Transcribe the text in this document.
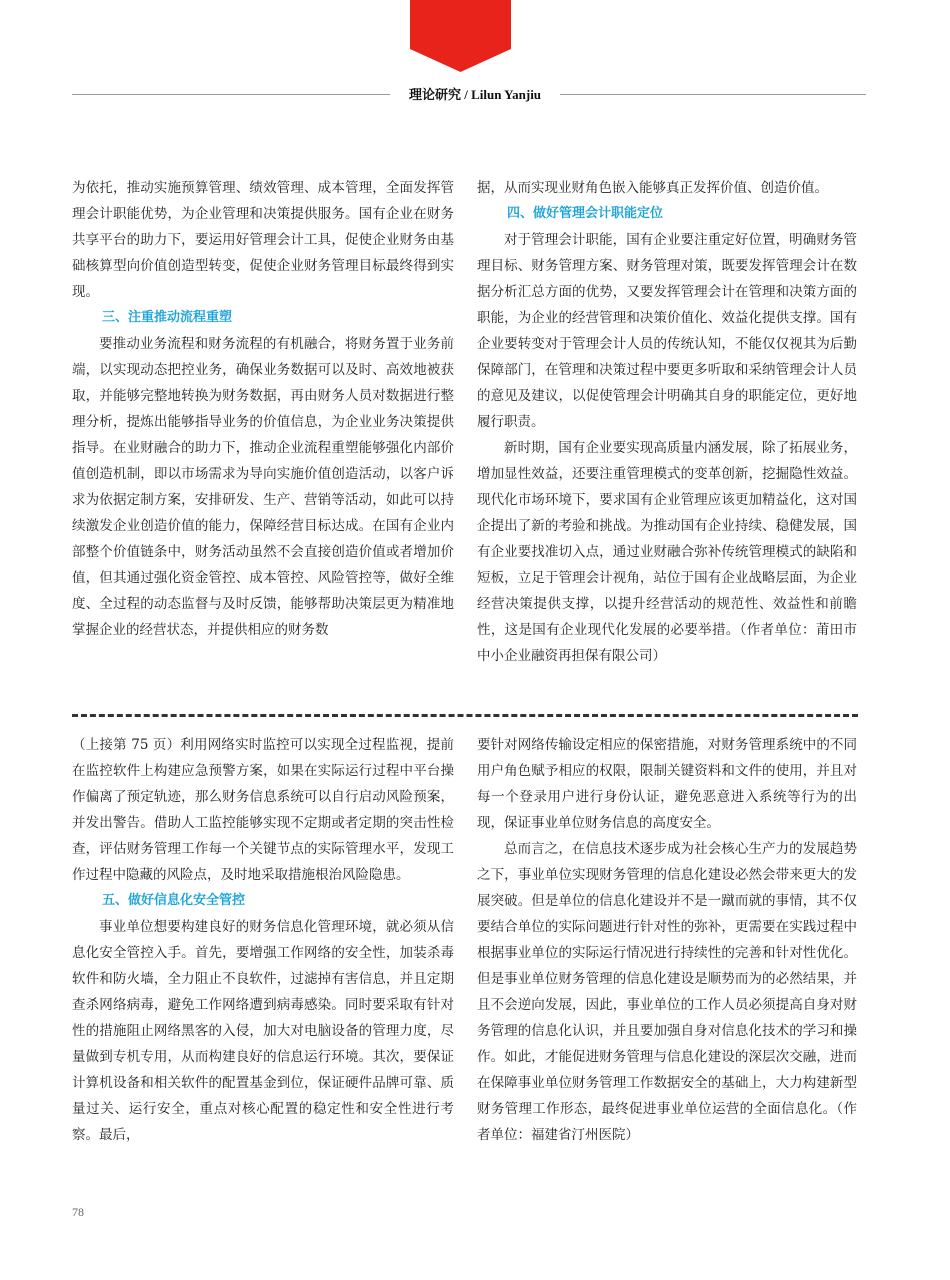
理论研究 / Lilun Yanjiu

为依托，推动实施预算管理、绩效管理、成本管理，全面发挥管理会计职能优势，为企业管理和决策提供服务。国有企业在财务共享平台的助力下，要运用好管理会计工具，促使企业财务由基础核算型向价值创造型转变，促使企业财务管理目标最终得到实现。

三、注重推动流程重塑

要推动业务流程和财务流程的有机融合，将财务置于业务前端，以实现动态把控业务，确保业务数据可以及时、高效地被获取，并能够完整地转换为财务数据，再由财务人员对数据进行整理分析，提炼出能够指导业务的价值信息，为企业业务决策提供指导。在业财融合的助力下，推动企业流程重塑能够强化内部价值创造机制，即以市场需求为导向实施价值创造活动，以客户诉求为依据定制方案，安排研发、生产、营销等活动，如此可以持续激发企业创造价值的能力，保障经营目标达成。在国有企业内部整个价值链条中，财务活动虽然不会直接创造价值或者增加价值，但其通过强化资金管控、成本管控、风险管控等，做好全维度、全过程的动态监督与及时反馈，能够帮助决策层更为精准地掌握企业的经营状态，并提供相应的财务数

据，从而实现业财角色嵌入能够真正发挥价值、创造价值。

四、做好管理会计职能定位

对于管理会计职能，国有企业要注重定好位置，明确财务管理目标、财务管理方案、财务管理对策，既要发挥管理会计在数据分析汇总方面的优势，又要发挥管理会计在管理和决策方面的职能，为企业的经营管理和决策价值化、效益化提供支撑。国有企业要转变对于管理会计人员的传统认知，不能仅仅视其为后勤保障部门，在管理和决策过程中要更多听取和采纳管理会计人员的意见及建议，以促使管理会计明确其自身的职能定位，更好地履行职责。

新时期，国有企业要实现高质量内涵发展，除了拓展业务，增加显性效益，还要注重管理模式的变革创新，挖掘隐性效益。现代化市场环境下，要求国有企业管理应该更加精益化，这对国企提出了新的考验和挑战。为推动国有企业持续、稳健发展，国有企业要找准切入点，通过业财融合弥补传统管理模式的缺陷和短板，立足于管理会计视角，站位于国有企业战略层面，为企业经营决策提供支撑，以提升经营活动的规范性、效益性和前瞻性，这是国有企业现代化发展的必要举措。（作者单位：莆田市中小企业融资再担保有限公司）

（上接第 75 页）利用网络实时监控可以实现全过程监视，提前在监控软件上构建应急预警方案，如果在实际运行过程中平台操作偏离了预定轨迹，那么财务信息系统可以自行启动风险预案，并发出警告。借助人工监控能够实现不定期或者定期的突击性检查，评估财务管理工作每一个关键节点的实际管理水平，发现工作过程中隐藏的风险点，及时地采取措施根治风险隐患。

五、做好信息化安全管控

事业单位想要构建良好的财务信息化管理环境，就必须从信息化安全管控入手。首先，要增强工作网络的安全性，加装杀毒软件和防火墙，全力阻止不良软件，过滤掉有害信息，并且定期查杀网络病毒，避免工作网络遭到病毒感染。同时要采取有针对性的措施阻止网络黑客的入侵，加大对电脑设备的管理力度，尽量做到专机专用，从而构建良好的信息运行环境。其次，要保证计算机设备和相关软件的配置基金到位，保证硬件品牌可靠、质量过关、运行安全，重点对核心配置的稳定性和安全性进行考察。最后，

要针对网络传输设定相应的保密措施，对财务管理系统中的不同用户角色赋予相应的权限，限制关键资料和文件的使用，并且对每一个登录用户进行身份认证，避免恶意进入系统等行为的出现，保证事业单位财务信息的高度安全。

总而言之，在信息技术逐步成为社会核心生产力的发展趋势之下，事业单位实现财务管理的信息化建设必然会带来更大的发展突破。但是单位的信息化建设并不是一蹴而就的事情，其不仅要结合单位的实际问题进行针对性的弥补，更需要在实践过程中根据事业单位的实际运行情况进行持续性的完善和针对性优化。但是事业单位财务管理的信息化建设是顺势而为的必然结果，并且不会逆向发展，因此，事业单位的工作人员必须提高自身对财务管理的信息化认识，并且要加强自身对信息化技术的学习和操作。如此，才能促进财务管理与信息化建设的深层次交融，进而在保障事业单位财务管理工作数据安全的基础上，大力构建新型财务管理工作形态，最终促进事业单位运营的全面信息化。（作者单位：福建省汀州医院）

78
